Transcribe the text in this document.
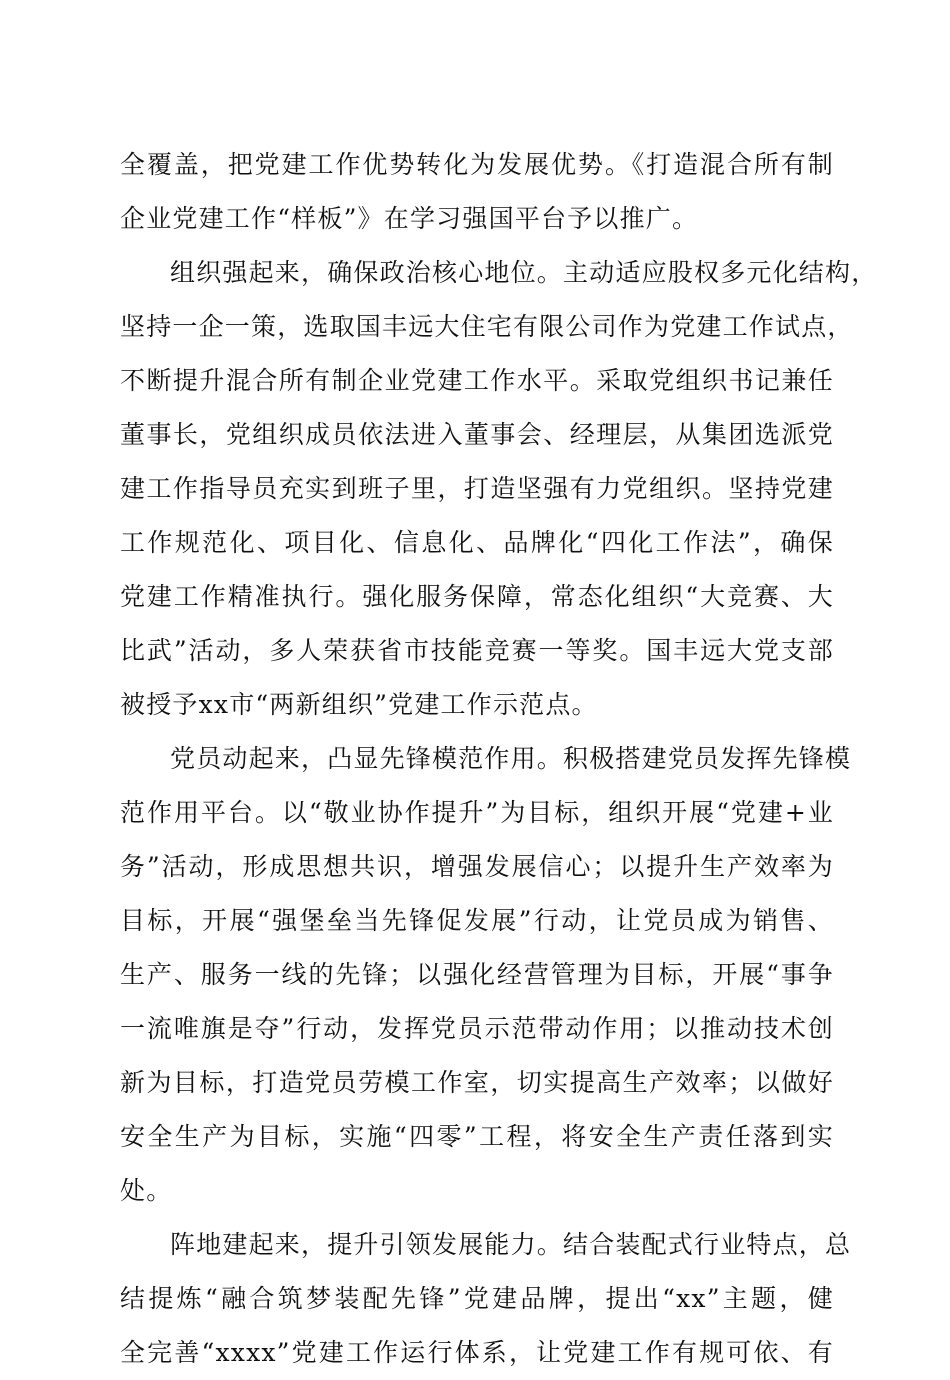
全覆盖，把党建工作优势转化为发展优势。《打造混合所有制
企业党建工作“样板”》在学习强国平台予以推广。
组织强起来，确保政治核心地位。主动适应股权多元化结构，
坚持一企一策，选取国丰远大住宅有限公司作为党建工作试点，
不断提升混合所有制企业党建工作水平。采取党组织书记兼任
董事长，党组织成员依法进入董事会、经理层，从集团选派党
建工作指导员充实到班子里，打造坚强有力党组织。坚持党建
工作规范化、项目化、信息化、品牌化“四化工作法”，确保
党建工作精准执行。强化服务保障，常态化组织“大竞赛、大
比武”活动，多人荣获省市技能竞赛一等奖。国丰远大党支部
被授予xx市“两新组织”党建工作示范点。
党员动起来，凸显先锋模范作用。积极搭建党员发挥先锋模
范作用平台。以“敬业协作提升”为目标，组织开展“党建+业
务”活动，形成思想共识，增强发展信心；以提升生产效率为
目标，开展“强堡垒当先锋促发展”行动，让党员成为销售、
生产、服务一线的先锋；以强化经营管理为目标，开展“事争
一流唯旗是夺”行动，发挥党员示范带动作用；以推动技术创
新为目标，打造党员劳模工作室，切实提高生产效率；以做好
安全生产为目标，实施“四零”工程，将安全生产责任落到实
处。
阵地建起来，提升引领发展能力。结合装配式行业特点，总
结提炼“融合筑梦装配先锋”党建品牌，提出“xx”主题，健
全完善“xxxx”党建工作运行体系，让党建工作有规可依、有
